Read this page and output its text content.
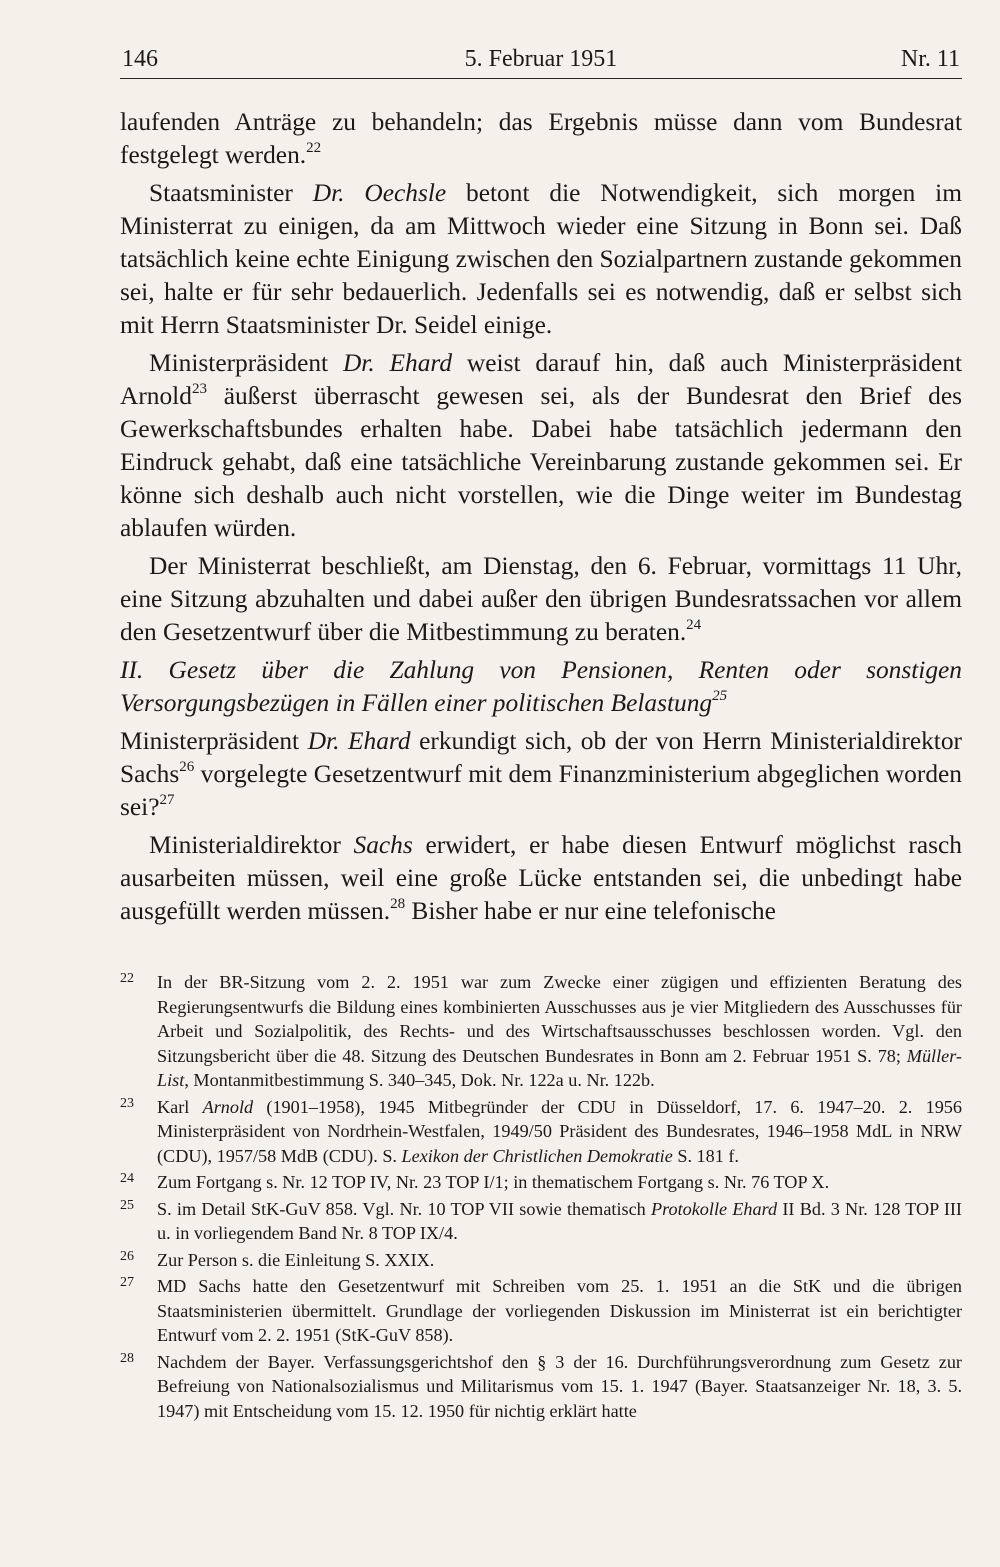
146	5. Februar 1951	Nr. 11

laufenden Anträge zu behandeln; das Ergebnis müsse dann vom Bundesrat festgelegt werden.$^{22}$

Staatsminister Dr. Oechsle betont die Notwendigkeit, sich morgen im Ministerrat zu einigen, da am Mittwoch wieder eine Sitzung in Bonn sei. Daß tatsächlich keine echte Einigung zwischen den Sozialpartnern zustande gekommen sei, halte er für sehr bedauerlich. Jedenfalls sei es notwendig, daß er selbst sich mit Herrn Staatsminister Dr. Seidel einige.

Ministerpräsident Dr. Ehard weist darauf hin, daß auch Ministerpräsident Arnold$^{23}$ äußerst überrascht gewesen sei, als der Bundesrat den Brief des Gewerkschaftsbundes erhalten habe. Dabei habe tatsächlich jedermann den Eindruck gehabt, daß eine tatsächliche Vereinbarung zustande gekommen sei. Er könne sich deshalb auch nicht vorstellen, wie die Dinge weiter im Bundestag ablaufen würden.

Der Ministerrat beschließt, am Dienstag, den 6. Februar, vormittags 11 Uhr, eine Sitzung abzuhalten und dabei außer den übrigen Bundesratssachen vor allem den Gesetzentwurf über die Mitbestimmung zu beraten.$^{24}$

II. Gesetz über die Zahlung von Pensionen, Renten oder sonstigen Versorgungsbezügen in Fällen einer politischen Belastung$^{25}$

Ministerpräsident Dr. Ehard erkundigt sich, ob der von Herrn Ministerialdirektor Sachs$^{26}$ vorgelegte Gesetzentwurf mit dem Finanzministerium abgeglichen worden sei?$^{27}$

Ministerialdirektor Sachs erwidert, er habe diesen Entwurf möglichst rasch ausarbeiten müssen, weil eine große Lücke entstanden sei, die unbedingt habe ausgefüllt werden müssen.$^{28}$ Bisher habe er nur eine telefonische

22 In der BR-Sitzung vom 2. 2. 1951 war zum Zwecke einer zügigen und effizienten Beratung des Regierungsentwurfs die Bildung eines kombinierten Ausschusses aus je vier Mitgliedern des Ausschusses für Arbeit und Sozialpolitik, des Rechts- und des Wirtschaftsausschusses beschlossen worden. Vgl. den Sitzungsbericht über die 48. Sitzung des Deutschen Bundesrates in Bonn am 2. Februar 1951 S. 78; Müller-List, Montanmitbestimmung S. 340–345, Dok. Nr. 122a u. Nr. 122b.
23 Karl Arnold (1901–1958), 1945 Mitbegründer der CDU in Düsseldorf, 17. 6. 1947–20. 2. 1956 Ministerpräsident von Nordrhein-Westfalen, 1949/50 Präsident des Bundesrates, 1946–1958 MdL in NRW (CDU), 1957/58 MdB (CDU). S. Lexikon der Christlichen Demokratie S. 181 f.
24 Zum Fortgang s. Nr. 12 TOP IV, Nr. 23 TOP I/1; in thematischem Fortgang s. Nr. 76 TOP X.
25 S. im Detail StK-GuV 858. Vgl. Nr. 10 TOP VII sowie thematisch Protokolle Ehard II Bd. 3 Nr. 128 TOP III u. in vorliegendem Band Nr. 8 TOP IX/4.
26 Zur Person s. die Einleitung S. XXIX.
27 MD Sachs hatte den Gesetzentwurf mit Schreiben vom 25. 1. 1951 an die StK und die übrigen Staatsministerien übermittelt. Grundlage der vorliegenden Diskussion im Ministerrat ist ein berichtigter Entwurf vom 2. 2. 1951 (StK-GuV 858).
28 Nachdem der Bayer. Verfassungsgerichtshof den § 3 der 16. Durchführungsverordnung zum Gesetz zur Befreiung von Nationalsozialismus und Militarismus vom 15. 1. 1947 (Bayer. Staatsanzeiger Nr. 18, 3. 5. 1947) mit Entscheidung vom 15. 12. 1950 für nichtig erklärt hatte
